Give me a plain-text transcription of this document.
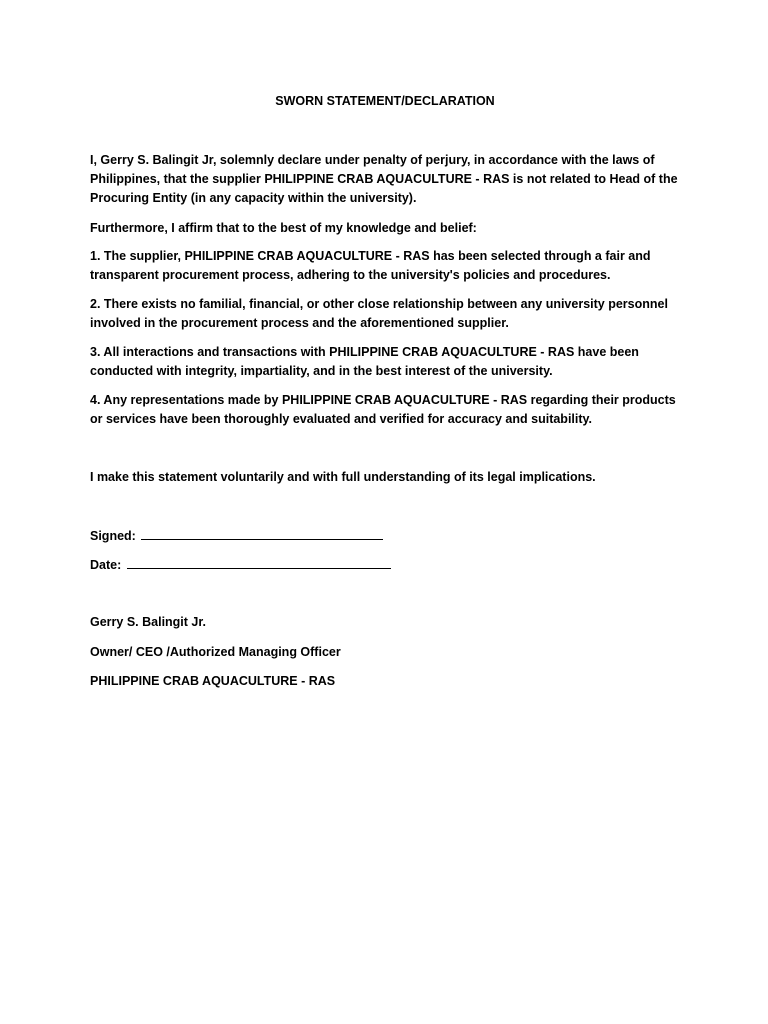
SWORN STATEMENT/DECLARATION

I, Gerry S. Balingit Jr, solemnly declare under penalty of perjury, in accordance with the laws of Philippines, that the supplier PHILIPPINE CRAB AQUACULTURE - RAS is not related to Head of the Procuring Entity (in any capacity within the university).

Furthermore, I affirm that to the best of my knowledge and belief:

1. The supplier, PHILIPPINE CRAB AQUACULTURE - RAS has been selected through a fair and transparent procurement process, adhering to the university's policies and procedures.

2. There exists no familial, financial, or other close relationship between any university personnel involved in the procurement process and the aforementioned supplier.

3. All interactions and transactions with PHILIPPINE CRAB AQUACULTURE - RAS have been conducted with integrity, impartiality, and in the best interest of the university.

4. Any representations made by PHILIPPINE CRAB AQUACULTURE - RAS regarding their products or services have been thoroughly evaluated and verified for accuracy and suitability.

I make this statement voluntarily and with full understanding of its legal implications.

Signed:
Date:

Gerry S. Balingit Jr.

Owner/ CEO /Authorized Managing Officer

PHILIPPINE CRAB AQUACULTURE - RAS
